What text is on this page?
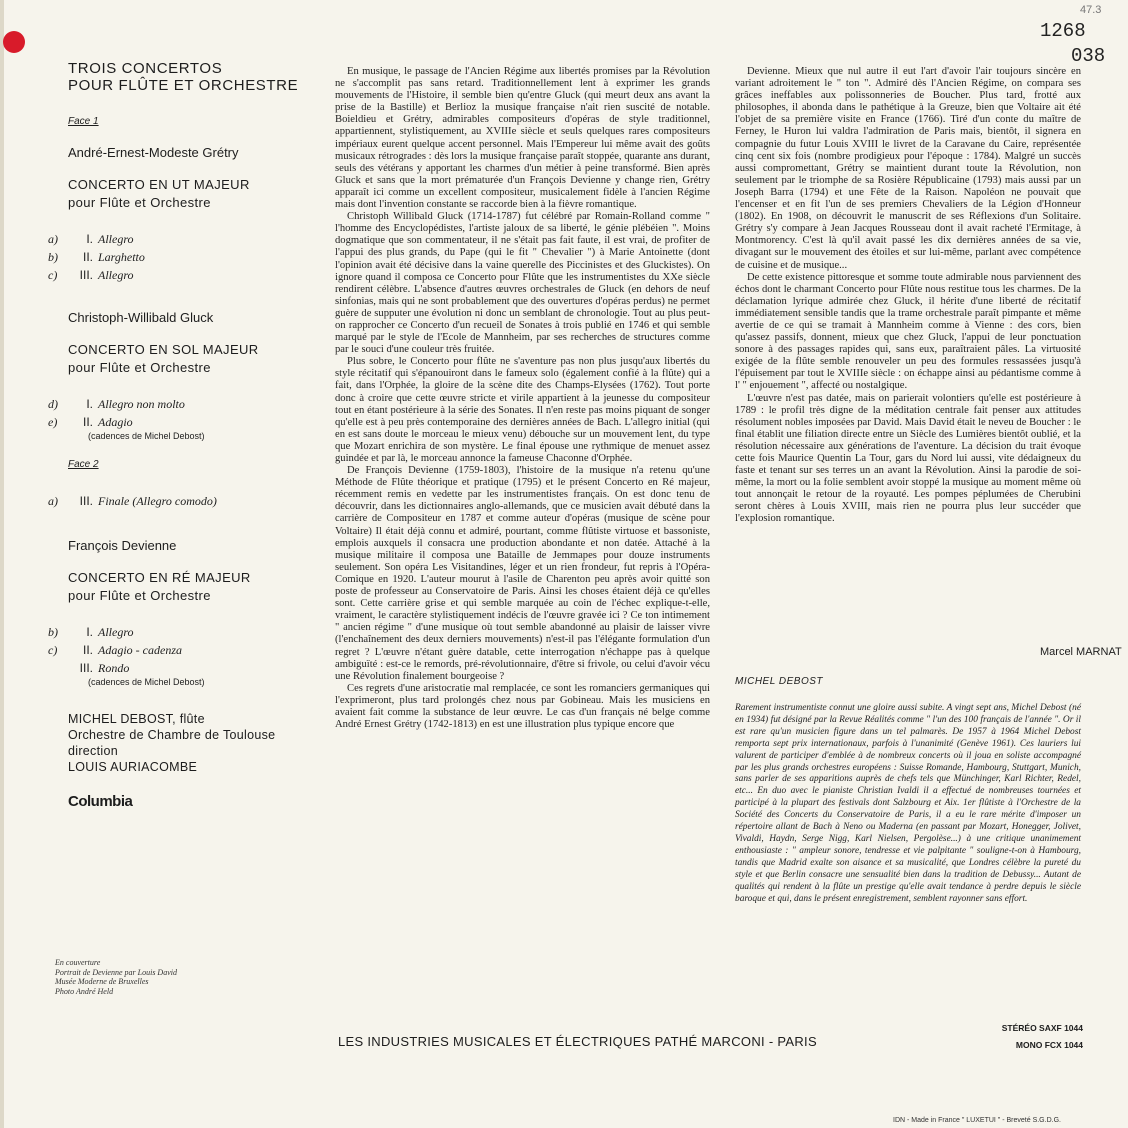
47.3
1268
038
TROIS CONCERTOS
POUR FLÛTE ET ORCHESTRE
Face 1
André-Ernest-Modeste Grétry
CONCERTO EN UT MAJEUR
pour Flûte et Orchestre
a)	I. Allegro
b)	II. Larghetto
c)	III. Allegro
Christoph-Willibald Gluck
CONCERTO EN SOL MAJEUR
pour Flûte et Orchestre
d)	I. Allegro non molto
e)	II. Adagio
(cadences de Michel Debost)
Face 2
a)	III. Finale (Allegro comodo)
François Devienne
CONCERTO EN RÉ MAJEUR
pour Flûte et Orchestre
b)	I. Allegro
c)	II. Adagio - cadenza
III. Rondo
(cadences de Michel Debost)
MICHEL DEBOST, flûte
Orchestre de Chambre de Toulouse
direction
LOUIS AURIACOMBE
Columbia
En couverture
Portrait de Devienne par Louis David
Musée Moderne de Bruxelles
Photo André Held

En musique, le passage de l'Ancien Régime aux libertés promises par la Révolution ne s'accomplit pas sans retard. Traditionnellement lent à exprimer les grands mouvements de l'Histoire, il semble bien qu'entre Gluck (qui meurt deux ans avant la prise de la Bastille) et Berlioz la musique française n'ait rien suscité de notable. Boieldieu et Grétry, admirables compositeurs d'opéras de style traditionnel, appartiennent, stylistiquement, au XVIIIe siècle et seuls quelques rares compositeurs impériaux eurent quelque accent personnel. Mais l'Empereur lui même avait des goûts musicaux rétrogrades : dès lors la musique française paraît stoppée, quarante ans durant, seuls des vétérans y apportant les charmes d'un métier à peine transformé. Bien après Gluck et sans que la mort prématurée d'un François Devienne y change rien, Grétry apparaît ici comme un excellent compositeur, musicalement fidèle à l'ancien Régime mais dont l'invention constante se raccorde bien à la fièvre romantique.

Christoph Willibald Gluck (1714-1787) fut célébré par Romain-Rolland comme " l'homme des Encyclopédistes, l'artiste jaloux de sa liberté, le génie plébéien ". Moins dogmatique que son commentateur, il ne s'était pas fait faute, il est vrai, de profiter de l'appui des plus grands, du Pape (qui le fit " Chevalier ") à Marie Antoinette (dont l'opinion avait été décisive dans la vaine querelle des Piccinistes et des Gluckistes). On ignore quand il composa ce Concerto pour Flûte que les instrumentistes du XXe siècle rendirent célèbre. L'absence d'autres œuvres orchestrales de Gluck (en dehors de neuf sinfonias, mais qui ne sont probablement que des ouvertures d'opéras perdus) ne permet guère de supputer une évolution ni donc un semblant de chronologie. Tout au plus peut-on rapprocher ce Concerto d'un recueil de Sonates à trois publié en 1746 et qui semble marqué par le style de l'Ecole de Mannheim, par ses recherches de structures comme par le souci d'une couleur très fruitée.

Plus sobre, le Concerto pour flûte ne s'aventure pas non plus jusqu'aux libertés du style récitatif qui s'épanouiront dans le fameux solo (également confié à la flûte) qui a fait, dans l'Orphée, la gloire de la scène dite des Champs-Elysées (1762). Tout porte donc à croire que cette œuvre stricte et virile appartient à la jeunesse du compositeur tout en étant postérieure à la série des Sonates. Il n'en reste pas moins piquant de songer qu'elle est à peu près contemporaine des dernières années de Bach. L'allegro initial (qui en est sans doute le morceau le mieux venu) débouche sur un mouvement lent, du type que Mozart enrichira de son mystère. Le final épouse une rythmique de menuet assez guindée et par là, le morceau annonce la fameuse Chaconne d'Orphée.

De François Devienne (1759-1803), l'histoire de la musique n'a retenu qu'une Méthode de Flûte théorique et pratique (1795) et le présent Concerto en Ré majeur, récemment remis en vedette par les instrumentistes français. On est donc tenu de découvrir, dans les dictionnaires anglo-allemands, que ce musicien avait débuté dans la carrière de Compositeur en 1787 et comme auteur d'opéras (musique de scène pour Voltaire) Il était déjà connu et admiré, pourtant, comme flûtiste virtuose et bassoniste, emplois auxquels il consacra une production abondante et non datée. Attaché à la musique militaire il composa une Bataille de Jemmapes pour douze instruments seulement. Son opéra Les Visitandines, léger et un rien frondeur, fut repris à l'Opéra-Comique en 1920. L'auteur mourut à l'asile de Charenton peu après avoir quitté son poste de professeur au Conservatoire de Paris. Ainsi les choses étaient déjà ce qu'elles sont. Cette carrière grise et qui semble marquée au coin de l'échec explique-t-elle, vraiment, le caractère stylistiquement indécis de l'œuvre gravée ici ? Ce ton intimement " ancien régime " d'une musique où tout semble abandonné au plaisir de laisser vivre (l'enchaînement des deux derniers mouvements) n'est-il pas l'élégante formulation d'un regret ? L'œuvre n'étant guère datable, cette interrogation n'échappe pas à quelque ambiguïté : est-ce le remords, pré-révolutionnaire, d'être si frivole, ou celui d'avoir vécu une Révolution finalement bourgeoise ?

Ces regrets d'une aristocratie mal remplacée, ce sont les romanciers germaniques qui l'exprimeront, plus tard prolongés chez nous par Gobineau. Mais les musiciens en avaient fait comme la substance de leur œuvre. Le cas d'un français né belge comme André Ernest Grétry (1742-1813) en est une illustration plus typique encore que

Devienne. Mieux que nul autre il eut l'art d'avoir l'air toujours sincère en variant adroitement le " ton ". Admiré dès l'Ancien Régime, on compara ses grâces ineffables aux polissonneries de Boucher. Plus tard, frotté aux philosophes, il abonda dans le pathétique à la Greuze, bien que Voltaire ait été l'objet de sa première visite en France (1766). Tiré d'un conte du maître de Ferney, le Huron lui valdra l'admiration de Paris mais, bientôt, il signera en compagnie du futur Louis XVIII le livret de la Caravane du Caire, représentée cinq cent six fois (nombre prodigieux pour l'époque : 1784). Malgré un succès aussi compromettant, Grétry se maintient durant toute la Révolution, non seulement par le triomphe de sa Rosière Républicaine (1793) mais aussi par un Joseph Barra (1794) et une Fête de la Raison. Napoléon ne pouvait que l'encenser et en fit l'un de ses premiers Chevaliers de la Légion d'Honneur (1802). En 1908, on découvrit le manuscrit de ses Réflexions d'un Solitaire. Grétry s'y compare à Jean Jacques Rousseau dont il avait racheté l'Ermitage, à Montmorency. C'est là qu'il avait passé les dix dernières années de sa vie, divagant sur le mouvement des étoiles et sur lui-même, parlant avec compétence de cuisine et de musique...

De cette existence pittoresque et somme toute admirable nous parviennent des échos dont le charmant Concerto pour Flûte nous restitue tous les charmes. De la déclamation lyrique admirée chez Gluck, il hérite d'une liberté de récitatif immédiatement sensible tandis que la trame orchestrale paraît pimpante et même avertie de ce qui se tramait à Mannheim comme à Vienne : des cors, bien qu'assez passifs, donnent, mieux que chez Gluck, l'appui de leur ponctuation sonore à des passages rapides qui, sans eux, paraîtraient pâles. La virtuosité exigée de la flûte semble renouveler un peu des formules ressassées jusqu'à l'épuisement par tout le XVIIIe siècle : on échappe ainsi au pédantisme comme à l' " enjouement ", affecté ou nostalgique.

L'œuvre n'est pas datée, mais on parierait volontiers qu'elle est postérieure à 1789 : le profil très digne de la méditation centrale fait penser aux attitudes résolument nobles imposées par David. Mais David était le neveu de Boucher : le final établit une filiation directe entre un Siècle des Lumières bientôt oublié, et la résolution nécessaire aux générations de l'aventure. La décision du trait évoque cette fois Maurice Quentin La Tour, gars du Nord lui aussi, vite dédaigneux du faste et tenant sur ses terres un an avant la Révolution. Ainsi la parodie de soi-même, la mort ou la folie semblent avoir stoppé la musique au moment même où tout annonçait le retour de la royauté. Les pompes péplumées de Cherubini seront chères à Louis XVIII, mais rien ne pourra plus leur succéder que l'explosion romantique.

Marcel MARNAT
MICHEL DEBOST
Rarement instrumentiste connut une gloire aussi subite. A vingt sept ans, Michel Debost (né en 1934) fut désigné par la Revue Réalités comme " l'un des 100 français de l'année ". Or il est rare qu'un musicien figure dans un tel palmarès. De 1957 à 1964 Michel Debost remporta sept prix internationaux, parfois à l'unanimité (Genève 1961). Ces lauriers lui valurent de participer d'emblée à de nombreux concerts où il joua en soliste accompagné par les plus grands orchestres européens : Suisse Romande, Hambourg, Stuttgart, Munich, sans parler de ses apparitions auprès de chefs tels que Münchinger, Karl Richter, Redel, etc... En duo avec le pianiste Christian Ivaldi il a effectué de nombreuses tournées et participé à la plupart des festivals dont Salzbourg et Aix. 1er flûtiste à l'Orchestre de la Société des Concerts du Conservatoire de Paris, il a eu le rare mérite d'imposer un répertoire allant de Bach à Neno ou Maderna (en passant par Mozart, Honegger, Jolivet, Vivaldi, Haydn, Serge Nigg, Karl Nielsen, Pergolèse...) à une critique unanimement enthousiaste : " ampleur sonore, tendresse et vie palpitante " souligne-t-on à Hambourg, tandis que Madrid exalte son aisance et sa musicalité, que Londres célèbre la pureté du style et que Berlin consacre une sensualité bien dans la tradition de Debussy... Autant de qualités qui rendent à la flûte un prestige qu'elle avait tendance à perdre depuis le siècle baroque et qui, dans le présent enregistrement, semblent rayonner sans effort.
LES INDUSTRIES MUSICALES ET ÉLECTRIQUES PATHÉ MARCONI - PARIS
STÉRÉO SAXF 1044
MONO FCX 1044
IDN - Made in France " LUXETUI " - Breveté S.G.D.G.
